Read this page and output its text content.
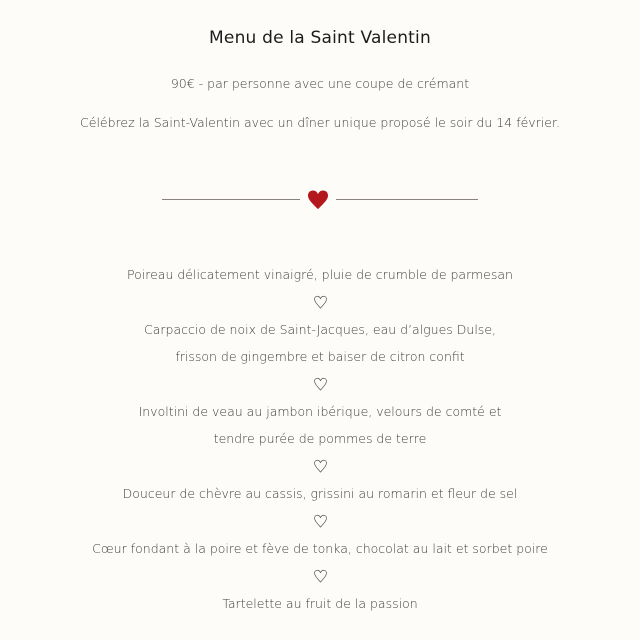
Menu de la Saint Valentin
90€ - par personne avec une coupe de crémant
Célébrez la Saint-Valentin avec un dîner unique proposé le soir du 14 février.
Poireau délicatement vinaigré, pluie de crumble de parmesan
Carpaccio de noix de Saint-Jacques, eau d’algues Dulse,
frisson de gingembre et baiser de citron confit
Involtini de veau au jambon ibérique, velours de comté et
tendre purée de pommes de terre
Douceur de chèvre au cassis, grissini au romarin et fleur de sel
Cœur fondant à la poire et fève de tonka, chocolat au lait et sorbet poire
Tartelette au fruit de la passion
